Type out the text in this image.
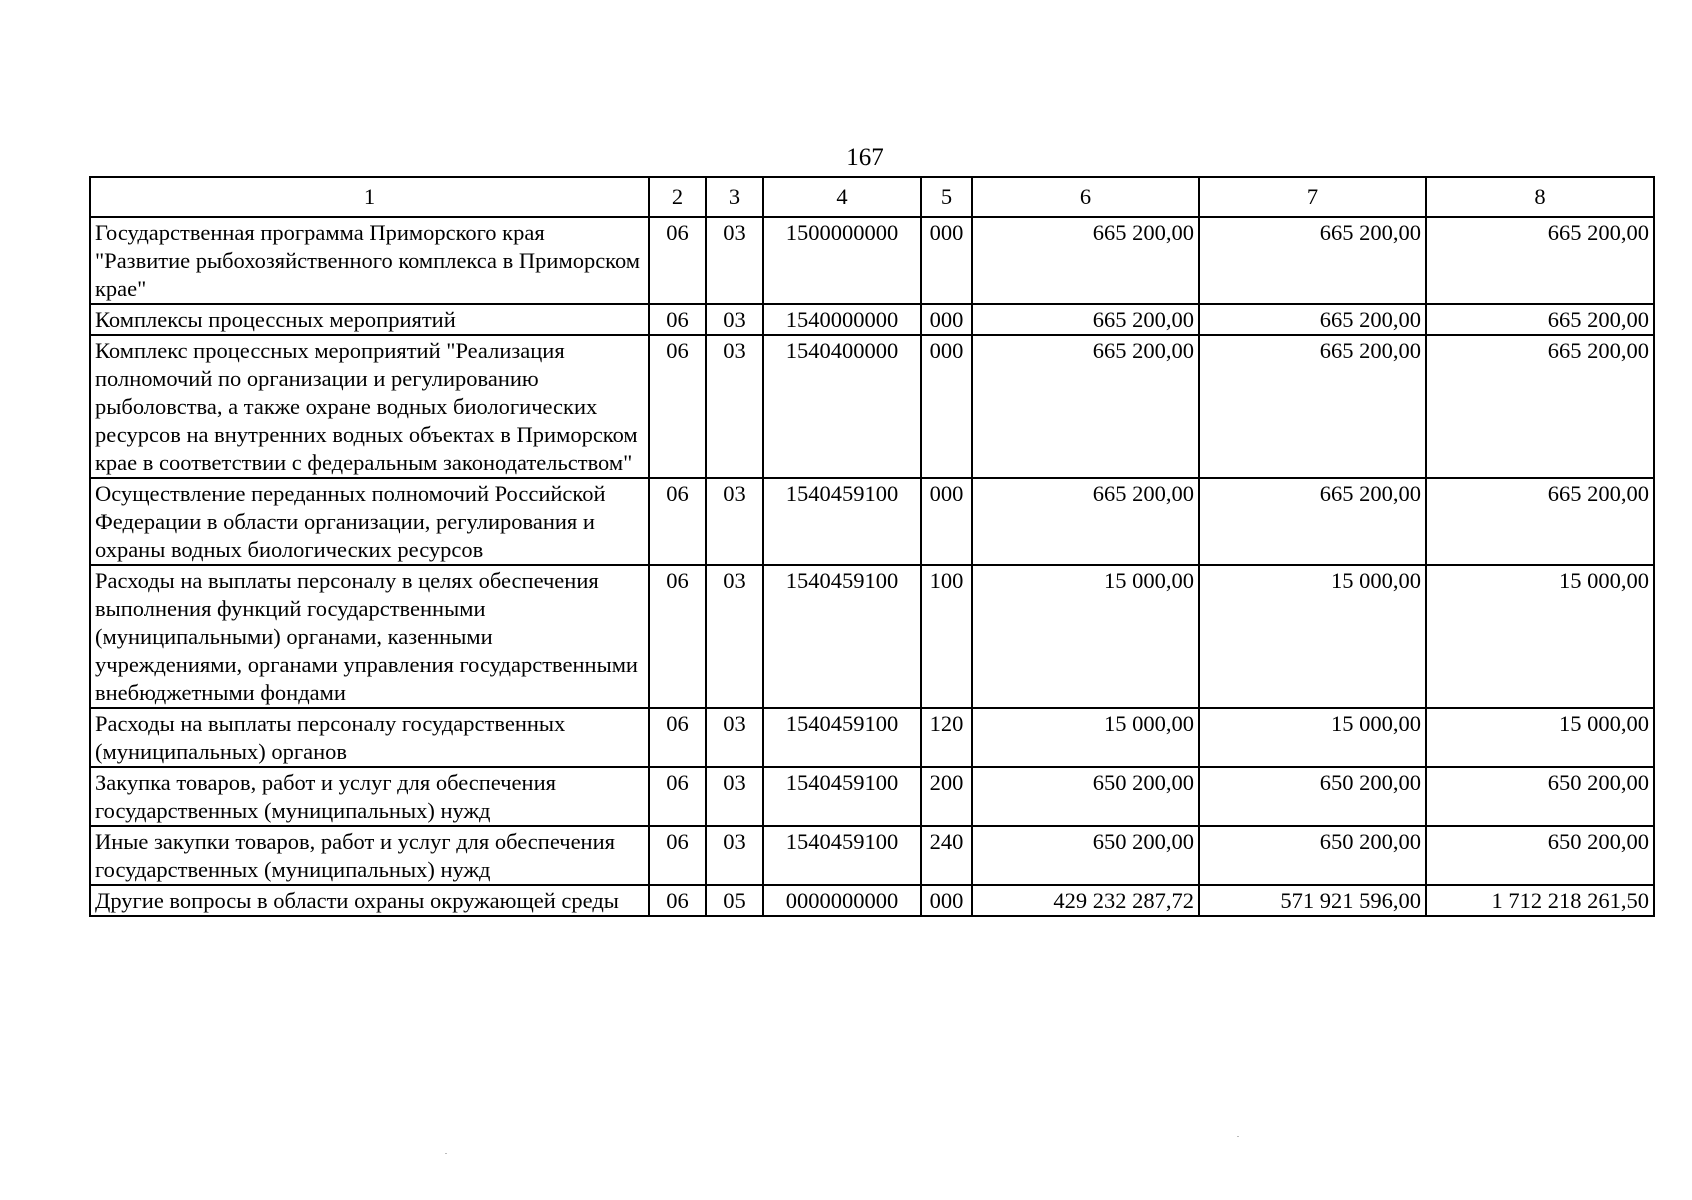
167
1	2	3	4	5	6	7	8
Государственная программа Приморского края "Развитие рыбохозяйственного комплекса в Приморском крае"	06	03	1500000000	000	665 200,00	665 200,00	665 200,00
Комплексы процессных мероприятий	06	03	1540000000	000	665 200,00	665 200,00	665 200,00
Комплекс процессных мероприятий "Реализация полномочий по организации и регулированию рыболовства, а также охране водных биологических ресурсов на внутренних водных объектах в Приморском крае в соответствии с федеральным законодательством"	06	03	1540400000	000	665 200,00	665 200,00	665 200,00
Осуществление переданных полномочий Российской Федерации в области организации, регулирования и охраны водных биологических ресурсов	06	03	1540459100	000	665 200,00	665 200,00	665 200,00
Расходы на выплаты персоналу в целях обеспечения выполнения функций государственными (муниципальными) органами, казенными учреждениями, органами управления государственными внебюджетными фондами	06	03	1540459100	100	15 000,00	15 000,00	15 000,00
Расходы на выплаты персоналу государственных (муниципальных) органов	06	03	1540459100	120	15 000,00	15 000,00	15 000,00
Закупка товаров, работ и услуг для обеспечения государственных (муниципальных) нужд	06	03	1540459100	200	650 200,00	650 200,00	650 200,00
Иные закупки товаров, работ и услуг для обеспечения государственных (муниципальных) нужд	06	03	1540459100	240	650 200,00	650 200,00	650 200,00
Другие вопросы в области охраны окружающей среды	06	05	0000000000	000	429 232 287,72	571 921 596,00	1 712 218 261,50
